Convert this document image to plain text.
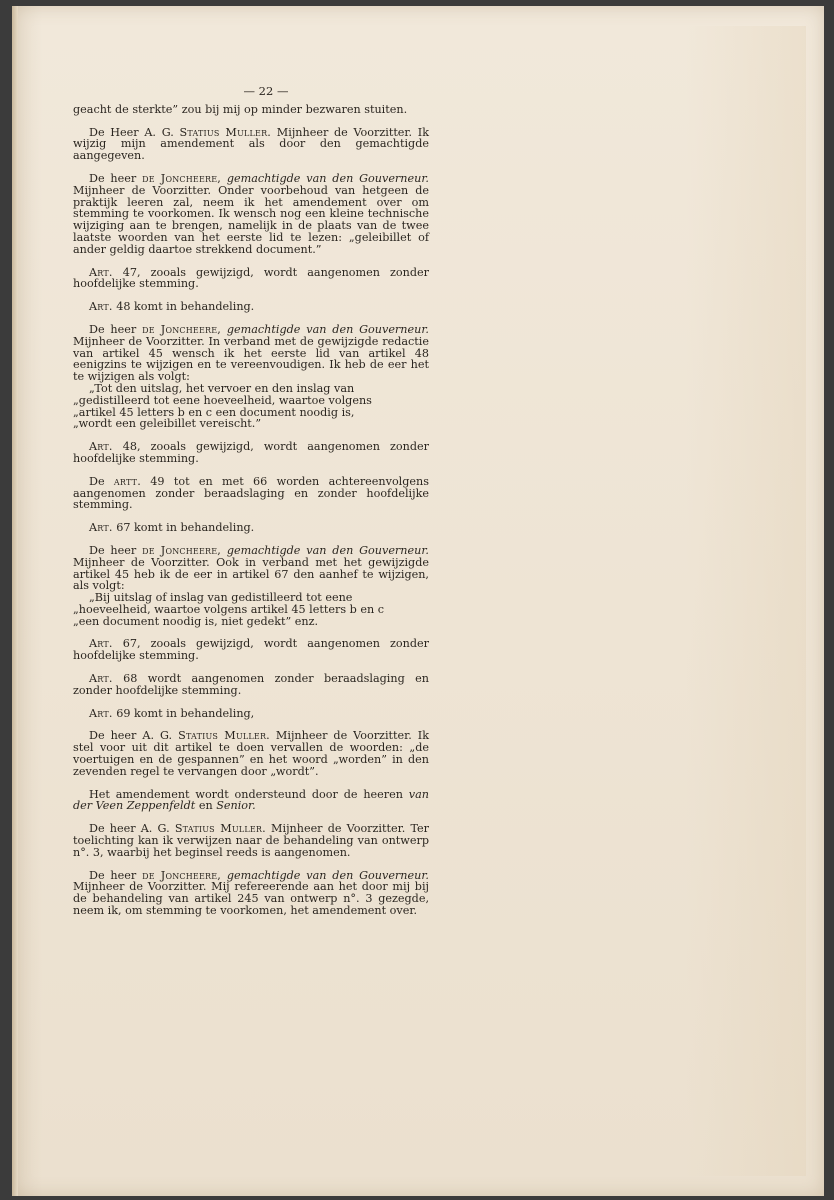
— 22 —

geacht de sterkte” zou bij mij op minder bezwaren stuiten.

De Heer A. G. Statius Muller. Mijnheer de Voorzitter. Ik wijzig mijn amendement als door den gemachtigde aangegeven.

De heer de Joncheere, gemachtigde van den Gouverneur. Mijnheer de Voorzitter. Onder voorbehoud van hetgeen de praktijk leeren zal, neem ik het amendement over om stemming te voorkomen. Ik wensch nog een kleine technische wijziging aan te brengen, namelijk in de plaats van de twee laatste woorden van het eerste lid te lezen: „geleibillet of ander geldig daartoe strekkend document.”

Art. 47, zooals gewijzigd, wordt aangenomen zonder hoofdelijke stemming.

Art. 48 komt in behandeling.

De heer de Joncheere, gemachtigde van den Gouverneur. Mijnheer de Voorzitter. In verband met de gewijzigde redactie van artikel 45 wensch ik het eerste lid van artikel 48 eenigzins te wijzigen en te vereenvoudigen. Ik heb de eer het te wijzigen als volgt:

„Tot den uitslag, het vervoer en den inslag van
„gedistilleerd tot eene hoeveelheid, waartoe volgens
„artikel 45 letters b en c een document noodig is,
„wordt een geleibillet vereischt.”

Art. 48, zooals gewijzigd, wordt aangenomen zonder hoofdelijke stemming.

De artt. 49 tot en met 66 worden achtereenvolgens aangenomen zonder beraadslaging en zonder hoofdelijke stemming.

Art. 67 komt in behandeling.

De heer de Joncheere, gemachtigde van den Gouverneur. Mijnheer de Voorzitter. Ook in verband met het gewijzigde artikel 45 heb ik de eer in artikel 67 den aanhef te wijzigen, als volgt:

„Bij uitslag of inslag van gedistilleerd tot eene
„hoeveelheid, waartoe volgens artikel 45 letters b en c
„een document noodig is, niet gedekt” enz.

Art. 67, zooals gewijzigd, wordt aangenomen zonder hoofdelijke stemming.

Art. 68 wordt aangenomen zonder beraadslaging en zonder hoofdelijke stemming.

Art. 69 komt in behandeling,

De heer A. G. Statius Muller. Mijnheer de Voorzitter. Ik stel voor uit dit artikel te doen vervallen de woorden: „de voertuigen en de gespannen” en het woord „worden” in den zevenden regel te vervangen door „wordt”.

Het amendement wordt ondersteund door de heeren van der Veen Zeppenfeldt en Senior.

De heer A. G. Statius Muller. Mijnheer de Voorzitter. Ter toelichting kan ik verwijzen naar de behandeling van ontwerp n°. 3, waarbij het beginsel reeds is aangenomen.

De heer de Joncheere, gemachtigde van den Gouverneur. Mijnheer de Voorzitter. Mij refereerende aan het door mij bij de behandeling van artikel 245 van ontwerp n°. 3 gezegde, neem ik, om stemming te voorkomen, het amendement over.
